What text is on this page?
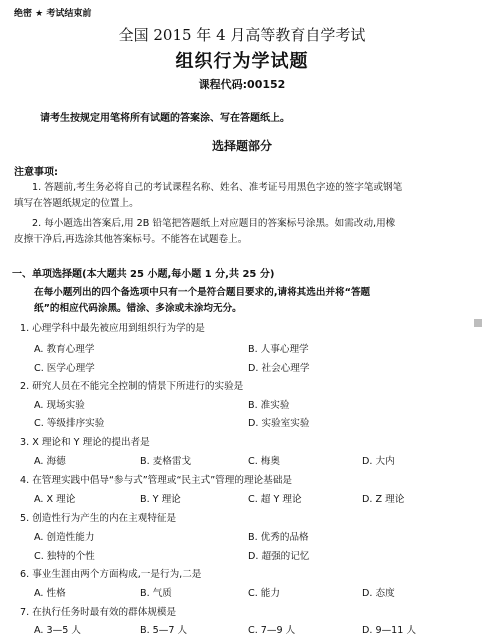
绝密 ★ 考试结束前
全国 2015 年 4 月高等教育自学考试
组织行为学试题
课程代码:00152
请考生按规定用笔将所有试题的答案涂、写在答题纸上。
选择题部分
注意事项:
1. 答题前,考生务必将自己的考试课程名称、姓名、准考证号用黑色字迹的签字笔或钢笔
填写在答题纸规定的位置上。
2. 每小题选出答案后,用 2B 铅笔把答题纸上对应题目的答案标号涂黑。如需改动,用橡
皮擦干净后,再选涂其他答案标号。不能答在试题卷上。
一、单项选择题(本大题共 25 小题,每小题 1 分,共 25 分)
在每小题列出的四个备选项中只有一个是符合题目要求的,请将其选出并将“答题
纸”的相应代码涂黑。错涂、多涂或未涂均无分。
1. 心理学科中最先被应用到组织行为学的是
A. 教育心理学	B. 人事心理学
C. 医学心理学	D. 社会心理学
2. 研究人员在不能完全控制的情景下所进行的实验是
A. 现场实验	B. 准实验
C. 等级排序实验	D. 实验室实验
3. X 理论和 Y 理论的提出者是
A. 海德	B. 麦格雷戈	C. 梅奥	D. 大内
4. 在管理实践中倡导“参与式”管理或“民主式”管理的理论基础是
A. X 理论	B. Y 理论	C. 超 Y 理论	D. Z 理论
5. 创造性行为产生的内在主观特征是
A. 创造性能力	B. 优秀的品格
C. 独特的个性	D. 超强的记忆
6. 事业生涯由两个方面构成,一是行为,二是
A. 性格	B. 气质	C. 能力	D. 态度
7. 在执行任务时最有效的群体规模是
A. 3—5 人	B. 5—7 人	C. 7—9 人	D. 9—11 人
